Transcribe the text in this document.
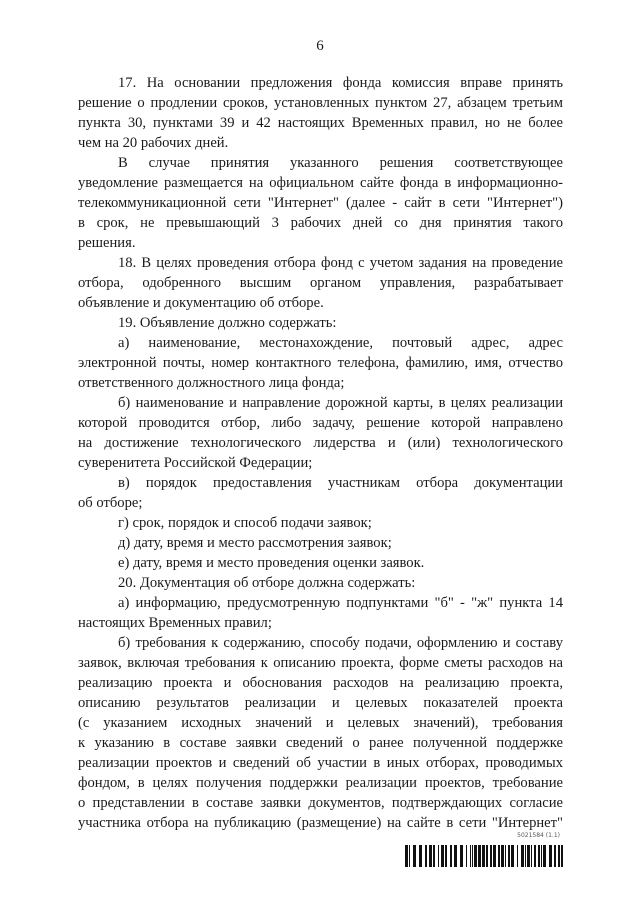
6
17. На основании предложения фонда комиссия вправе принять
решение о продлении сроков, установленных пунктом 27, абзацем третьим
пункта 30, пунктами 39 и 42 настоящих Временных правил, но не более
чем на 20 рабочих дней.
В случае принятия указанного решения соответствующее
уведомление размещается на официальном сайте фонда в информационно-
телекоммуникационной сети "Интернет" (далее - сайт в сети "Интернет")
в срок, не превышающий 3 рабочих дней со дня принятия такого
решения.
18. В целях проведения отбора фонд с учетом задания на проведение
отбора, одобренного высшим органом управления, разрабатывает
объявление и документацию об отборе.
19. Объявление должно содержать:
а) наименование, местонахождение, почтовый адрес, адрес
электронной почты, номер контактного телефона, фамилию, имя, отчество
ответственного должностного лица фонда;
б) наименование и направление дорожной карты, в целях реализации
которой проводится отбор, либо задачу, решение которой направлено
на достижение технологического лидерства и (или) технологического
суверенитета Российской Федерации;
в) порядок предоставления участникам отбора документации
об отборе;
г) срок, порядок и способ подачи заявок;
д) дату, время и место рассмотрения заявок;
е) дату, время и место проведения оценки заявок.
20. Документация об отборе должна содержать:
а) информацию, предусмотренную подпунктами "б" - "ж" пункта 14
настоящих Временных правил;
б) требования к содержанию, способу подачи, оформлению и составу
заявок, включая требования к описанию проекта, форме сметы расходов на
реализацию проекта и обоснования расходов на реализацию проекта,
описанию результатов реализации и целевых показателей проекта
(с указанием исходных значений и целевых значений), требования
к указанию в составе заявки сведений о ранее полученной поддержке
реализации проектов и сведений об участии в иных отборах, проводимых
фондом, в целях получения поддержки реализации проектов, требование
о представлении в составе заявки документов, подтверждающих согласие
участника отбора на публикацию (размещение) на сайте в сети "Интернет"
5021584 (1.1)
